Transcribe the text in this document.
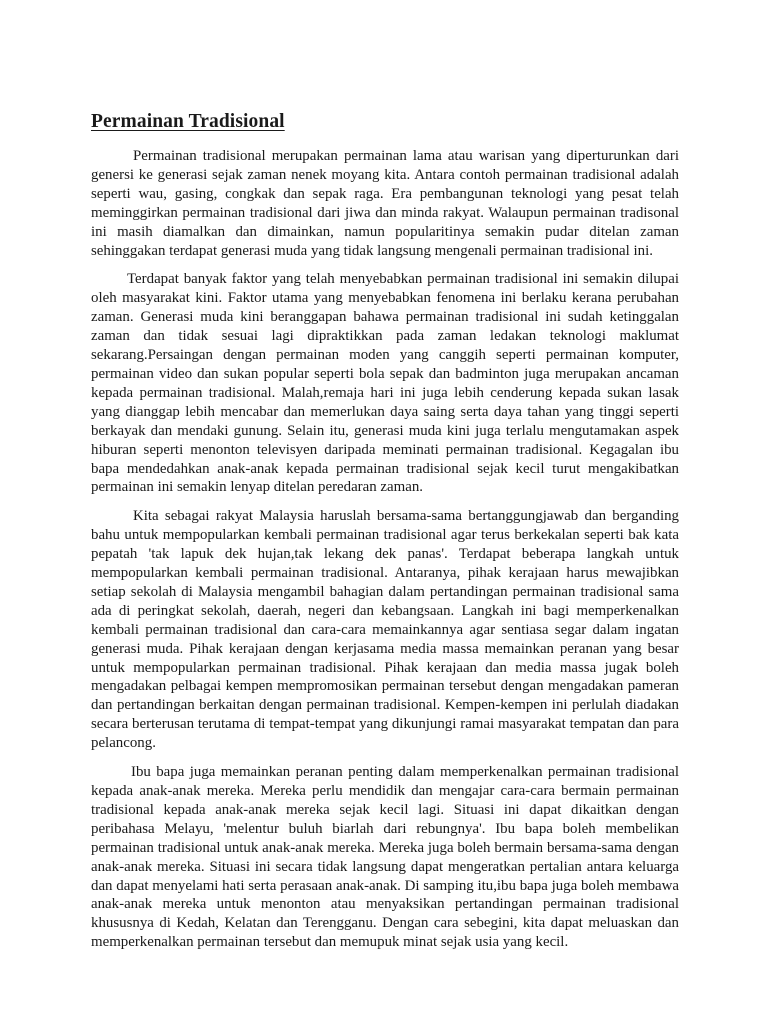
Permainan Tradisional

Permainan tradisional merupakan permainan lama atau warisan yang diperturunkan dari genersi ke generasi sejak zaman nenek moyang kita. Antara contoh permainan tradisional adalah seperti wau, gasing, congkak dan sepak raga. Era pembangunan teknologi yang pesat telah meminggirkan permainan tradisional dari jiwa dan minda rakyat. Walaupun permainan tradisonal ini masih diamalkan dan dimainkan, namun popularitinya semakin pudar ditelan zaman sehinggakan terdapat generasi muda yang tidak langsung mengenali permainan tradisional ini.

Terdapat banyak faktor yang telah menyebabkan permainan tradisional ini semakin dilupai oleh masyarakat kini. Faktor utama yang menyebabkan fenomena ini berlaku kerana perubahan zaman. Generasi muda kini beranggapan bahawa permainan tradisional ini sudah ketinggalan zaman dan tidak sesuai lagi dipraktikkan pada zaman ledakan teknologi maklumat sekarang.Persaingan dengan permainan moden yang canggih seperti permainan komputer, permainan video dan sukan popular seperti bola sepak dan badminton juga merupakan ancaman kepada permainan tradisional. Malah,remaja hari ini juga lebih cenderung kepada sukan lasak yang dianggap lebih mencabar dan memerlukan daya saing serta daya tahan yang tinggi seperti berkayak dan mendaki gunung. Selain itu, generasi muda kini juga terlalu mengutamakan aspek hiburan seperti menonton televisyen daripada meminati permainan tradisional. Kegagalan ibu bapa mendedahkan anak-anak kepada permainan tradisional sejak kecil turut mengakibatkan permainan ini semakin lenyap ditelan peredaran zaman.

Kita sebagai rakyat Malaysia haruslah bersama-sama bertanggungjawab dan berganding bahu untuk mempopularkan kembali permainan tradisional agar terus berkekalan seperti bak kata pepatah 'tak lapuk dek hujan,tak lekang dek panas'. Terdapat beberapa langkah untuk mempopularkan kembali permainan tradisional. Antaranya, pihak kerajaan harus mewajibkan setiap sekolah di Malaysia mengambil bahagian dalam pertandingan permainan tradisional sama ada di peringkat sekolah, daerah, negeri dan kebangsaan. Langkah ini bagi memperkenalkan kembali permainan tradisional dan cara-cara memainkannya agar sentiasa segar dalam ingatan generasi muda. Pihak kerajaan dengan kerjasama media massa memainkan peranan yang besar untuk mempopularkan permainan tradisional. Pihak kerajaan dan media massa jugak boleh mengadakan pelbagai kempen mempromosikan permainan tersebut dengan mengadakan pameran dan pertandingan berkaitan dengan permainan tradisional. Kempen-kempen ini perlulah diadakan secara berterusan terutama di tempat-tempat yang dikunjungi ramai masyarakat tempatan dan para pelancong.

Ibu bapa juga memainkan peranan penting dalam memperkenalkan permainan tradisional kepada anak-anak mereka. Mereka perlu mendidik dan mengajar cara-cara bermain permainan tradisional kepada anak-anak mereka sejak kecil lagi. Situasi ini dapat dikaitkan dengan peribahasa Melayu, 'melentur buluh biarlah dari rebungnya'. Ibu bapa boleh membelikan permainan tradisional untuk anak-anak mereka. Mereka juga boleh bermain bersama-sama dengan anak-anak mereka. Situasi ini secara tidak langsung dapat mengeratkan pertalian antara keluarga dan dapat menyelami hati serta perasaan anak-anak. Di samping itu,ibu bapa juga boleh membawa anak-anak mereka untuk menonton atau menyaksikan pertandingan permainan tradisional khususnya di Kedah, Kelatan dan Terengganu. Dengan cara sebegini, kita dapat meluaskan dan memperkenalkan permainan tersebut dan memupuk minat sejak usia yang kecil.
